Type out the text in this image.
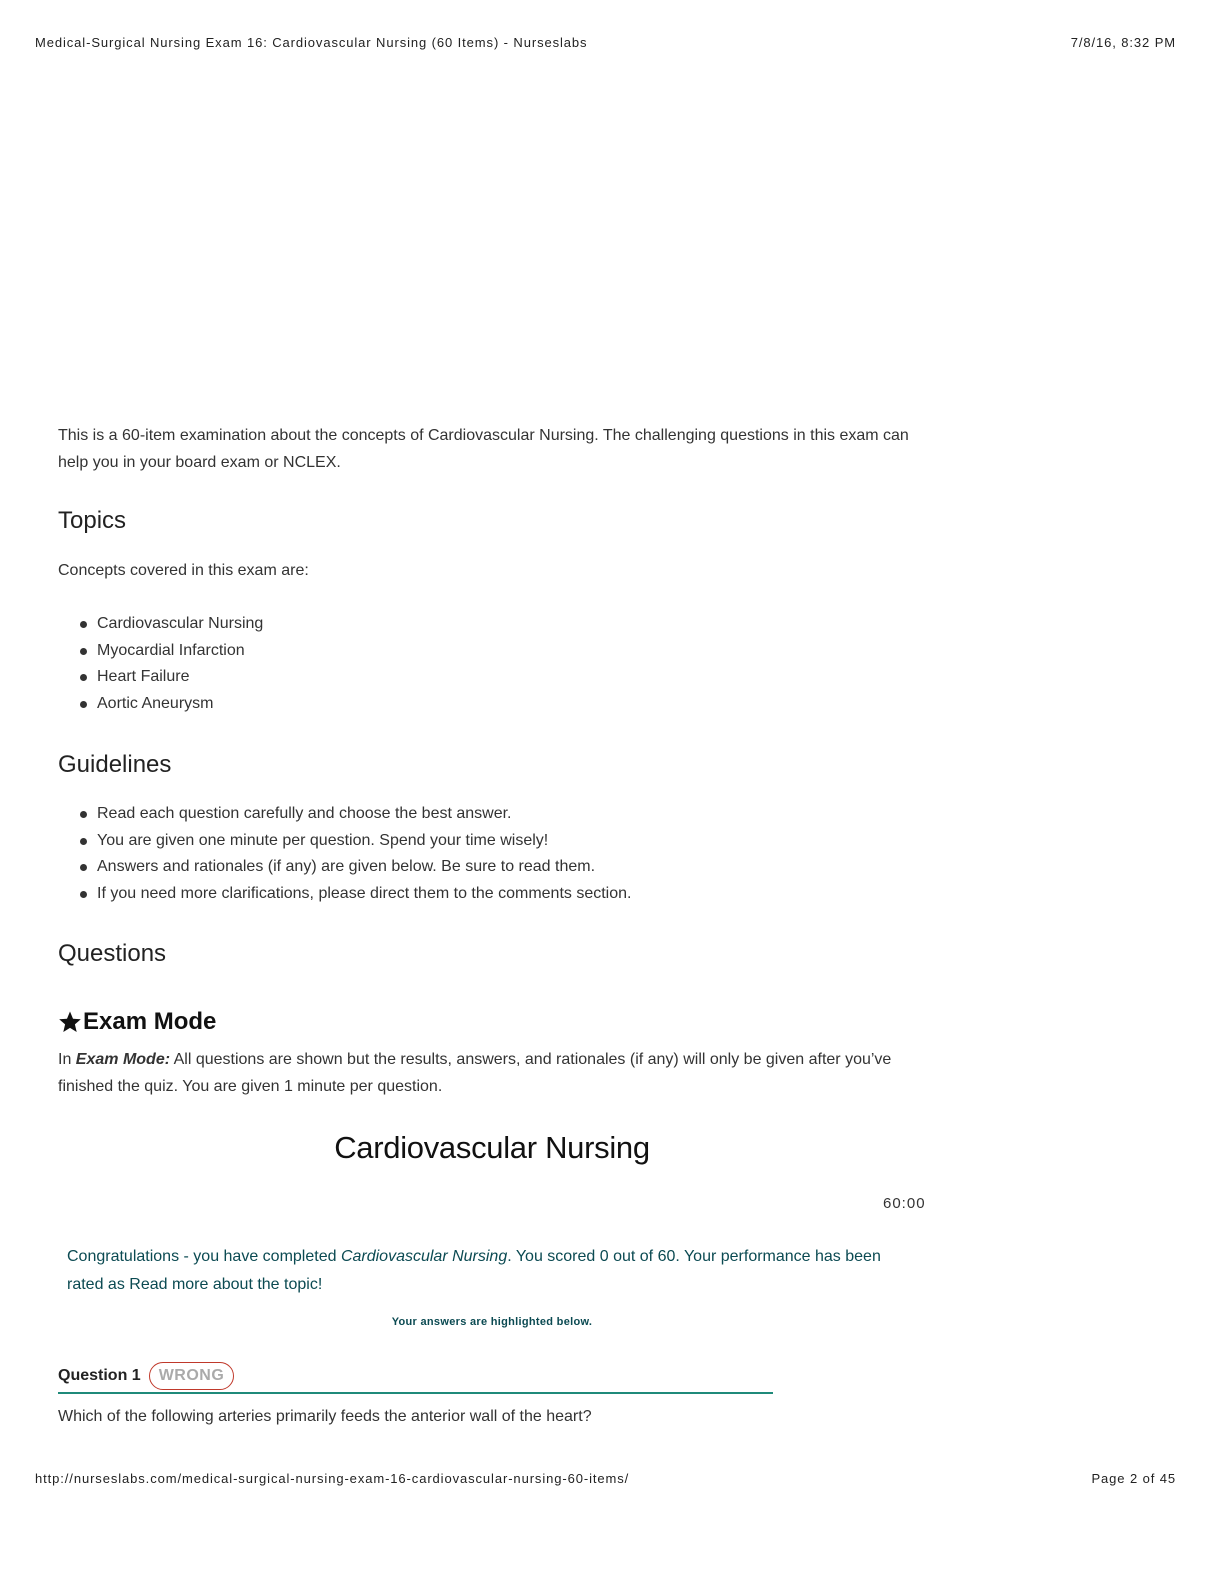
Medical-Surgical Nursing Exam 16: Cardiovascular Nursing (60 Items) - Nurseslabs	7/8/16, 8:32 PM

This is a 60-item examination about the concepts of Cardiovascular Nursing. The challenging questions in this exam can help you in your board exam or NCLEX.

Topics

Concepts covered in this exam are:

Cardiovascular Nursing
Myocardial Infarction
Heart Failure
Aortic Aneurysm
Guidelines
Read each question carefully and choose the best answer.
You are given one minute per question. Spend your time wisely!
Answers and rationales (if any) are given below. Be sure to read them.
If you need more clarifications, please direct them to the comments section.
Questions
Exam Mode

In Exam Mode: All questions are shown but the results, answers, and rationales (if any) will only be given after you’ve finished the quiz. You are given 1 minute per question.

Cardiovascular Nursing
60:00

Congratulations - you have completed Cardiovascular Nursing. You scored 0 out of 60. Your performance has been rated as Read more about the topic!

Your answers are highlighted below.
Question 1	WRONG

Which of the following arteries primarily feeds the anterior wall of the heart?

http://nurseslabs.com/medical-surgical-nursing-exam-16-cardiovascular-nursing-60-items/	Page 2 of 45
